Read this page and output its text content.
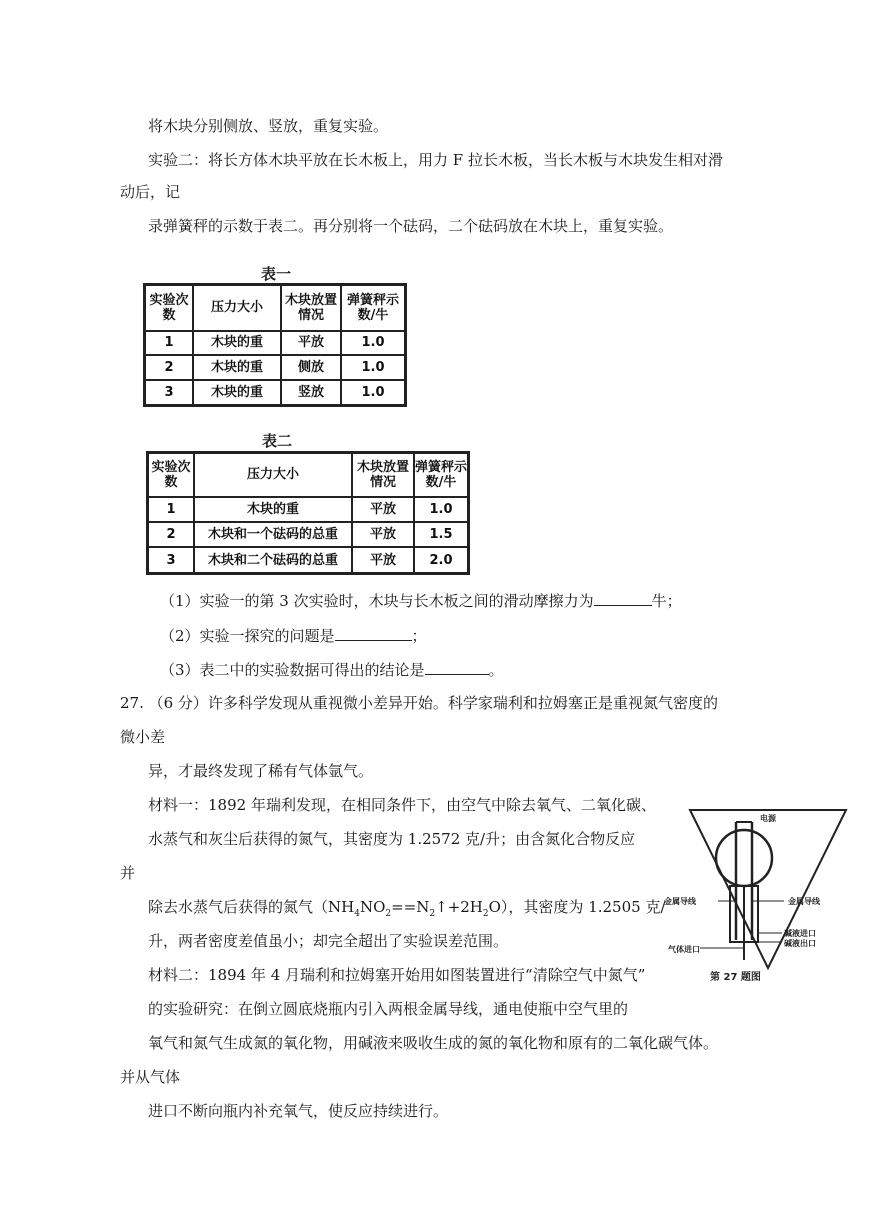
将木块分别侧放、竖放，重复实验。
实验二：将长方体木块平放在长木板上，用力 F 拉长木板，当长木板与木块发生相对滑
动后，记
录弹簧秤的示数于表二。再分别将一个砝码，二个砝码放在木块上，重复实验。
表一
实验次数	压力大小	木块放置情况	弹簧秤示数/牛
1	木块的重	平放	1.0
2	木块的重	侧放	1.0
3	木块的重	竖放	1.0
表二
实验次数	压力大小	木块放置情况	弹簧秤示数/牛
1	木块的重	平放	1.0
2	木块和一个砝码的总重	平放	1.5
3	木块和二个砝码的总重	平放	2.0
（1）实验一的第 3 次实验时，木块与长木板之间的滑动摩擦力为	牛；
（2）实验一探究的问题是	；
（3）表二中的实验数据可得出的结论是	。
27. （6 分）许多科学发现从重视微小差异开始。科学家瑞利和拉姆塞正是重视氮气密度的
微小差
异，才最终发现了稀有气体氩气。
材料一：1892 年瑞利发现，在相同条件下，由空气中除去氧气、二氧化碳、
水蒸气和灰尘后获得的氮气，其密度为 1.2572 克/升；由含氮化合物反应
并
除去水蒸气后获得的氮气$(NH_4NO_2==N_2↑+2H_2O)$，其密度为 1.2505 克/
升，两者密度差值虽小；却完全超出了实验误差范围。
材料二：1894 年 4 月瑞利和拉姆塞开始用如图装置进行“清除空气中氮气”
的实验研究：在倒立圆底烧瓶内引入两根金属导线，通电使瓶中空气里的
氧气和氮气生成氮的氧化物，用碱液来吸收生成的氮的氧化物和原有的二氧化碳气体。
并从气体
进口不断向瓶内补充氧气，使反应持续进行。
电源
金属导线	金属导线
碱液进口
碱液出口
气体进口
第 27 题图
